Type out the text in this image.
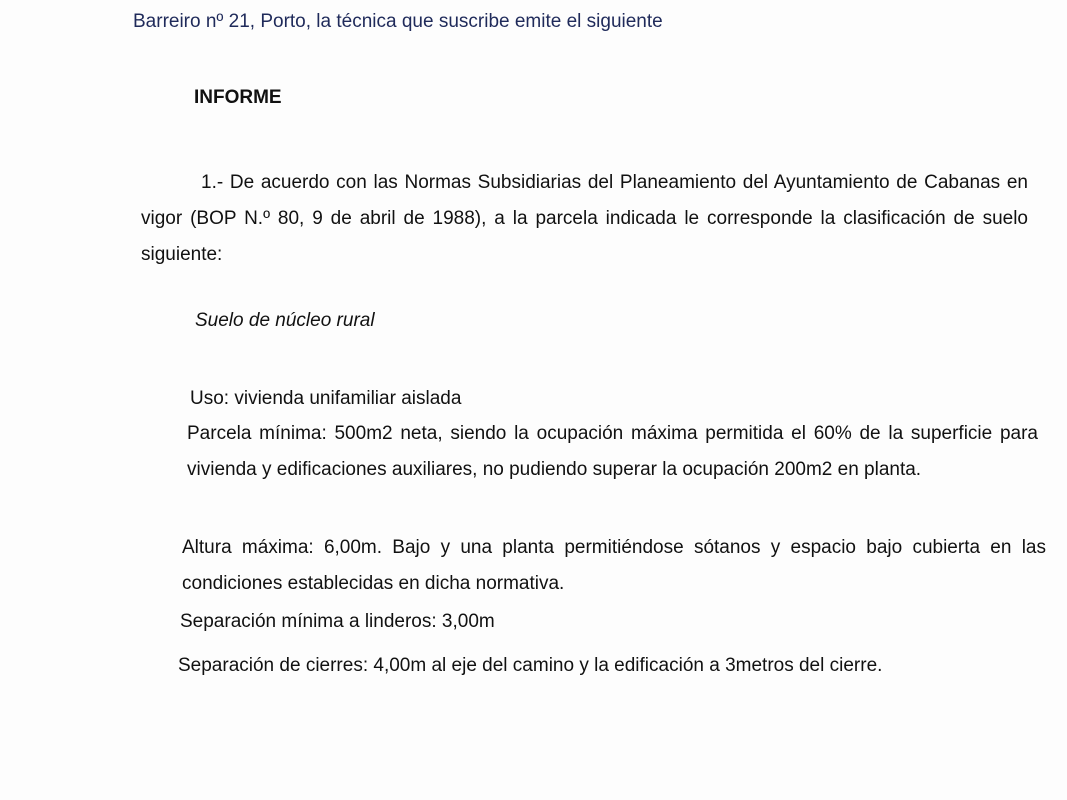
Barreiro nº 21, Porto, la técnica que suscribe emite el siguiente
INFORME

1.- De acuerdo con las Normas Subsidiarias del Planeamiento del Ayuntamiento de Cabanas en vigor (BOP N.º 80, 9 de abril de 1988), a la parcela indicada le corresponde la clasificación de suelo siguiente:

Suelo de núcleo rural

Uso: vivienda unifamiliar aislada

Parcela mínima: 500m2 neta, siendo la ocupación máxima permitida el 60% de la superficie para vivienda y edificaciones auxiliares, no pudiendo superar la ocupación 200m2 en planta.

Altura máxima: 6,00m. Bajo y una planta permitiéndose sótanos y espacio bajo cubierta en las condiciones establecidas en dicha normativa.

Separación mínima a linderos: 3,00m

Separación de cierres: 4,00m al eje del camino y la edificación a 3metros del cierre.
